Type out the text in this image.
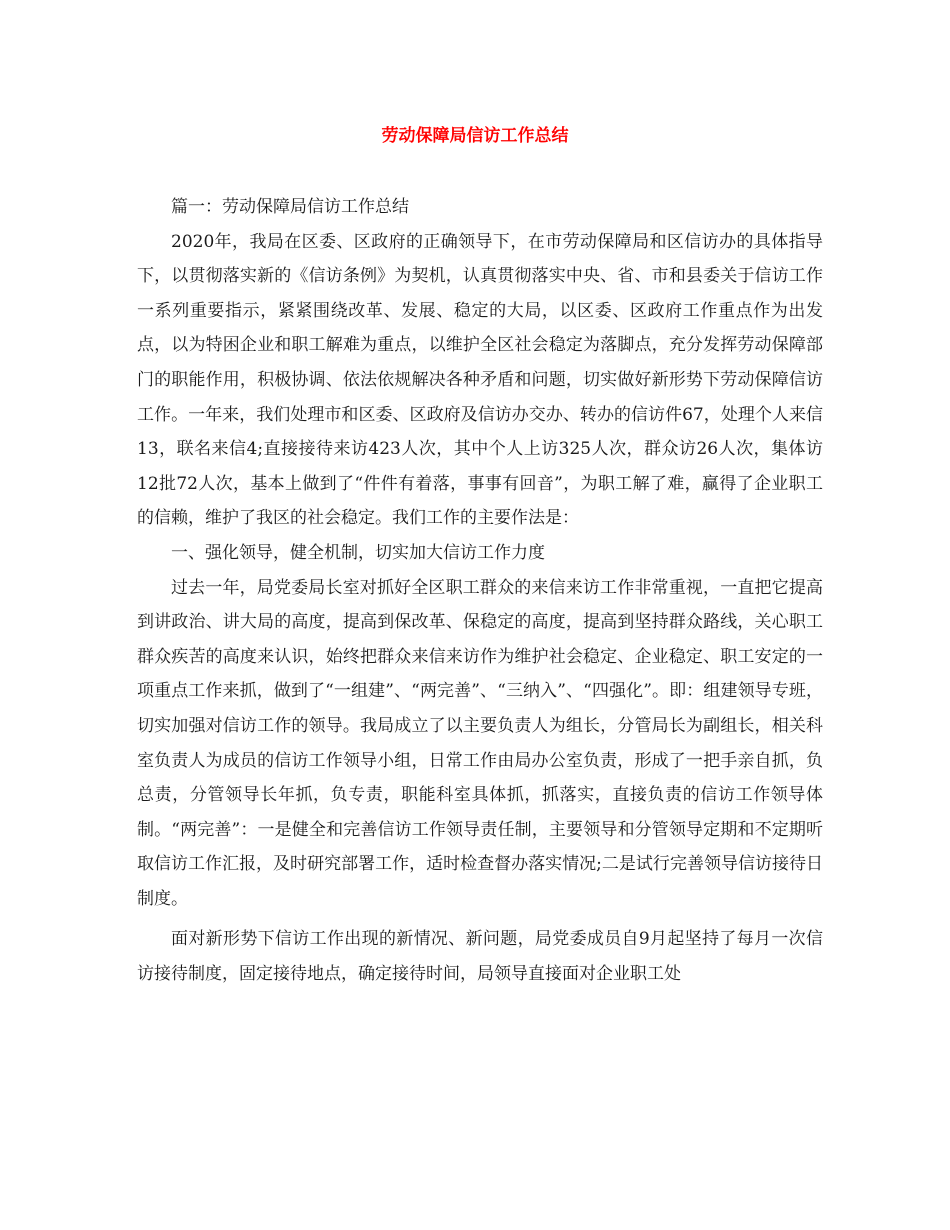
劳动保障局信访工作总结

篇一：劳动保障局信访工作总结

2020年，我局在区委、区政府的正确领导下，在市劳动保障局和区信访办的具体指导下，以贯彻落实新的《信访条例》为契机，认真贯彻落实中央、省、市和县委关于信访工作一系列重要指示，紧紧围绕改革、发展、稳定的大局，以区委、区政府工作重点作为出发点，以为特困企业和职工解难为重点，以维护全区社会稳定为落脚点，充分发挥劳动保障部门的职能作用，积极协调、依法依规解决各种矛盾和问题，切实做好新形势下劳动保障信访工作。一年来，我们处理市和区委、区政府及信访办交办、转办的信访件67，处理个人来信13，联名来信4;直接接待来访423人次，其中个人上访325人次，群众访26人次，集体访12批72人次，基本上做到了“件件有着落，事事有回音”，为职工解了难，赢得了企业职工的信赖，维护了我区的社会稳定。我们工作的主要作法是：

一、强化领导，健全机制，切实加大信访工作力度

过去一年，局党委局长室对抓好全区职工群众的来信来访工作非常重视，一直把它提高到讲政治、讲大局的高度，提高到保改革、保稳定的高度，提高到坚持群众路线，关心职工群众疾苦的高度来认识，始终把群众来信来访作为维护社会稳定、企业稳定、职工安定的一项重点工作来抓，做到了“一组建”、“两完善”、“三纳入”、“四强化”。即：组建领导专班，切实加强对信访工作的领导。我局成立了以主要负责人为组长，分管局长为副组长，相关科室负责人为成员的信访工作领导小组，日常工作由局办公室负责，形成了一把手亲自抓，负总责，分管领导长年抓，负专责，职能科室具体抓，抓落实，直接负责的信访工作领导体制。“两完善”：一是健全和完善信访工作领导责任制，主要领导和分管领导定期和不定期听取信访工作汇报，及时研究部署工作，适时检查督办落实情况;二是试行完善领导信访接待日制度。

面对新形势下信访工作出现的新情况、新问题，局党委成员自9月起坚持了每月一次信访接待制度，固定接待地点，确定接待时间，局领导直接面对企业职工处
